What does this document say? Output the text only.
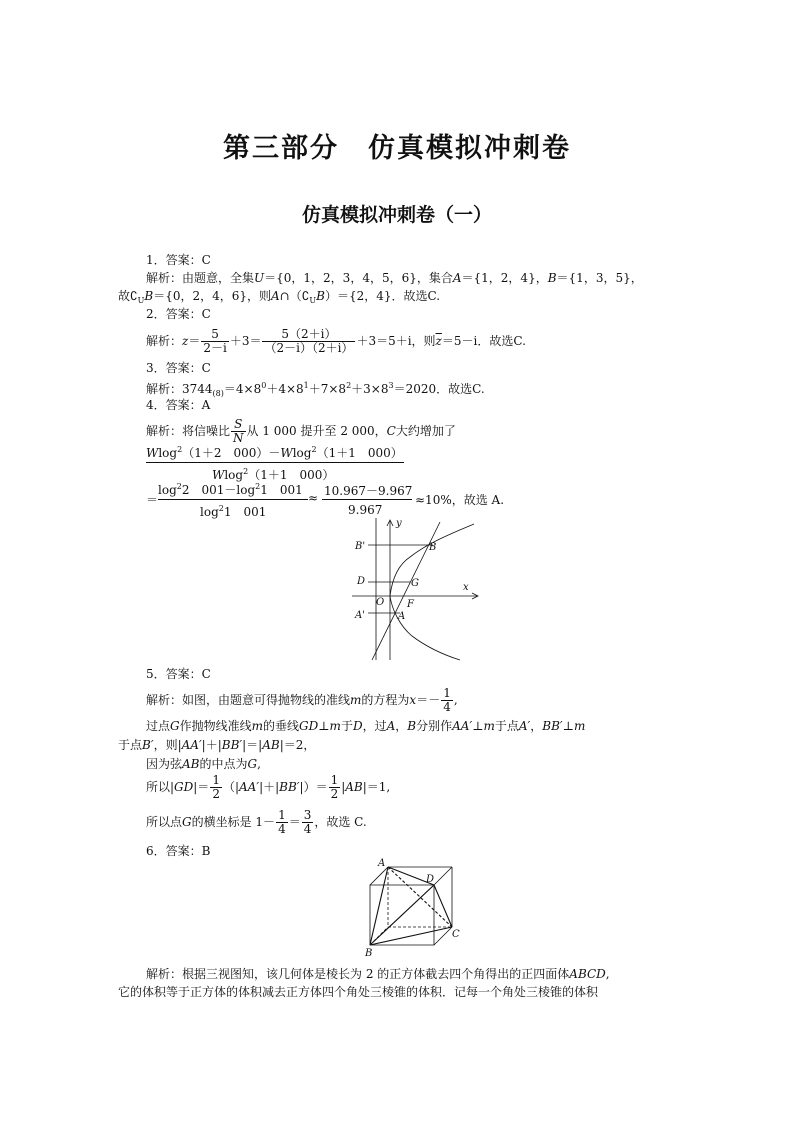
第三部分　仿真模拟冲刺卷
仿真模拟冲刺卷（一）
1．答案：C
解析：由题意，全集U＝{0，1，2，3，4，5，6}，集合A＝{1，2，4}，B＝{1，3，5}，
故$∁_UB=\{0$，2，4，6}，则$A\cap(∁_UB)=\{2$，4}．故选C.
2．答案：C
解析：$z= \frac{5}{2-i} +3= \frac{5(2+i)}{(2-i)(2+i)} +3=5+i$，则$\overline{z}=5-i$．故选C.
3．答案：C
解析：$3744_{(8)}=4\times 8^0+4\times 8^1+7\times 8^2+3\times 8^3=2020$．故选C.
4．答案：A
解析：将信噪比 $\frac{S}{N}$ 从 1 000 提升至 2 000，C大约增加了
Wlog$^2$（1＋2　000）－Wlog$^2$（1＋1　000）
Wlog$^2$（1＋1　000）
＝
$\log^22$　$001-\log^21$　001
$\log^21$　001
≈ 10.967－9.967
9.967
≈10%，故选 A.
y
B'	B
D	G	x
O F
A'	A
5．答案：C
解析：如图，由题意可得抛物线的准线m的方程为$x=- \frac{1}{4}$ ,
过点G作抛物线准线m的垂线GD⊥m于D，过A，B分别作AA′⊥m于点A′，BB′⊥m
于点B′，则|AA′|＋|BB′|＝|AB|＝2，
因为弦AB的中点为G,
所以$|GD|= \frac{1}{2} (|AA'|+|BB'|)= \frac{1}{2} |AB|=1$,
所以点G的横坐标是 $1- \frac{1}{4} = \frac{3}{4}$ ，故选 C.
6．答案：B
A
D
C
B
解析：根据三视图知，该几何体是棱长为 2 的正方体截去四个角得出的正四面体ABCD,
它的体积等于正方体的体积减去正方体四个角处三棱锥的体积．记每一个角处三棱锥的体积
